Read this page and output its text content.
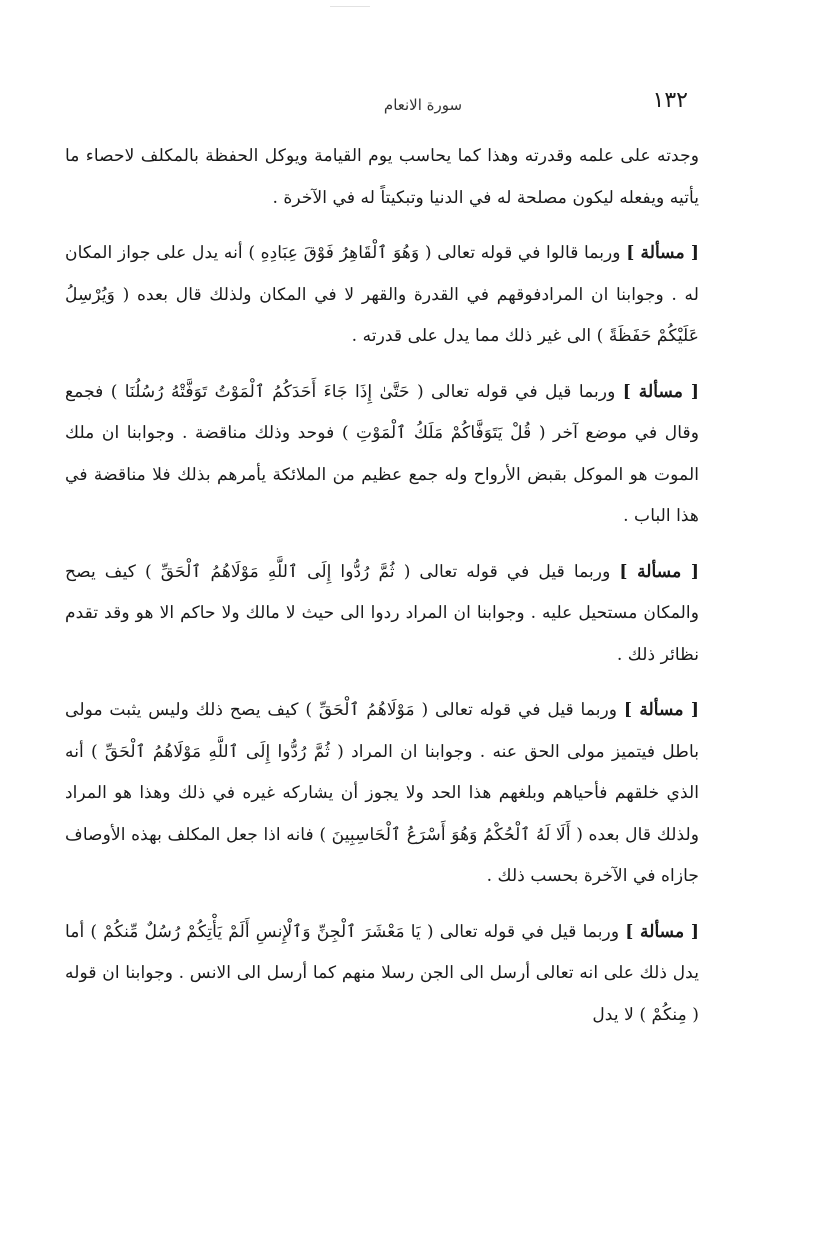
سورة الانعام	١٣٢

وجدته على علمه وقدرته وهذا كما يحاسب يوم القيامة ويوكل الحفظة بالمكلف لاحصاء ما يأتيه ويفعله ليكون مصلحة له في الدنيا وتبكيتاً له في الآخرة .

[ مسألة ] وربما قالوا في قوله تعالى ( وَهُوَ ٱلْقَاهِرُ فَوْقَ عِبَادِهِ ) أنه يدل على جواز المكان له . وجوابنا ان المرادفوقهم في القدرة والقهر لا في المكان ولذلك قال بعده ( وَيُرْسِلُ عَلَيْكُمْ حَفَظَةً ) الى غير ذلك مما يدل على قدرته .

[ مسألة ] وربما قيل في قوله تعالى ( حَتَّىٰ إِذَا جَاءَ أَحَدَكُمُ ٱلْمَوْتُ تَوَفَّتْهُ رُسُلُنَا ) فجمع وقال في موضع آخر ( قُلْ يَتَوَفَّاكُمْ مَلَكُ ٱلْمَوْتِ ) فوحد وذلك مناقضة . وجوابنا ان ملك الموت هو الموكل بقبض الأرواح وله جمع عظيم من الملائكة يأمرهم بذلك فلا مناقضة في هذا الباب .

[ مسألة ] وربما قيل في قوله تعالى ( ثُمَّ رُدُّوا إِلَى ٱللَّهِ مَوْلَاهُمُ ٱلْحَقِّ ) كيف يصح والمكان مستحيل عليه . وجوابنا ان المراد ردوا الى حيث لا مالك ولا حاكم الا هو وقد تقدم نظائر ذلك .

[ مسألة ] وربما قيل في قوله تعالى ( مَوْلَاهُمُ ٱلْحَقِّ ) كيف يصح ذلك وليس يثبت مولى باطل فيتميز مولى الحق عنه . وجوابنا ان المراد ( ثُمَّ رُدُّوا إِلَى ٱللَّهِ مَوْلَاهُمُ ٱلْحَقِّ ) أنه الذي خلقهم فأحياهم وبلغهم هذا الحد ولا يجوز أن يشاركه غيره في ذلك وهذا هو المراد ولذلك قال بعده ( أَلَا لَهُ ٱلْحُكْمُ وَهُوَ أَسْرَعُ ٱلْحَاسِبِينَ ) فانه اذا جعل المكلف بهذه الأوصاف جازاه في الآخرة بحسب ذلك .

[ مسألة ] وربما قيل في قوله تعالى ( يَا مَعْشَرَ ٱلْجِنِّ وَٱلْإِنسِ أَلَمْ يَأْتِكُمْ رُسُلٌ مِّنكُمْ ) أما يدل ذلك على انه تعالى أرسل الى الجن رسلا منهم كما أرسل الى الانس . وجوابنا ان قوله ( مِنكُمْ ) لا يدل
